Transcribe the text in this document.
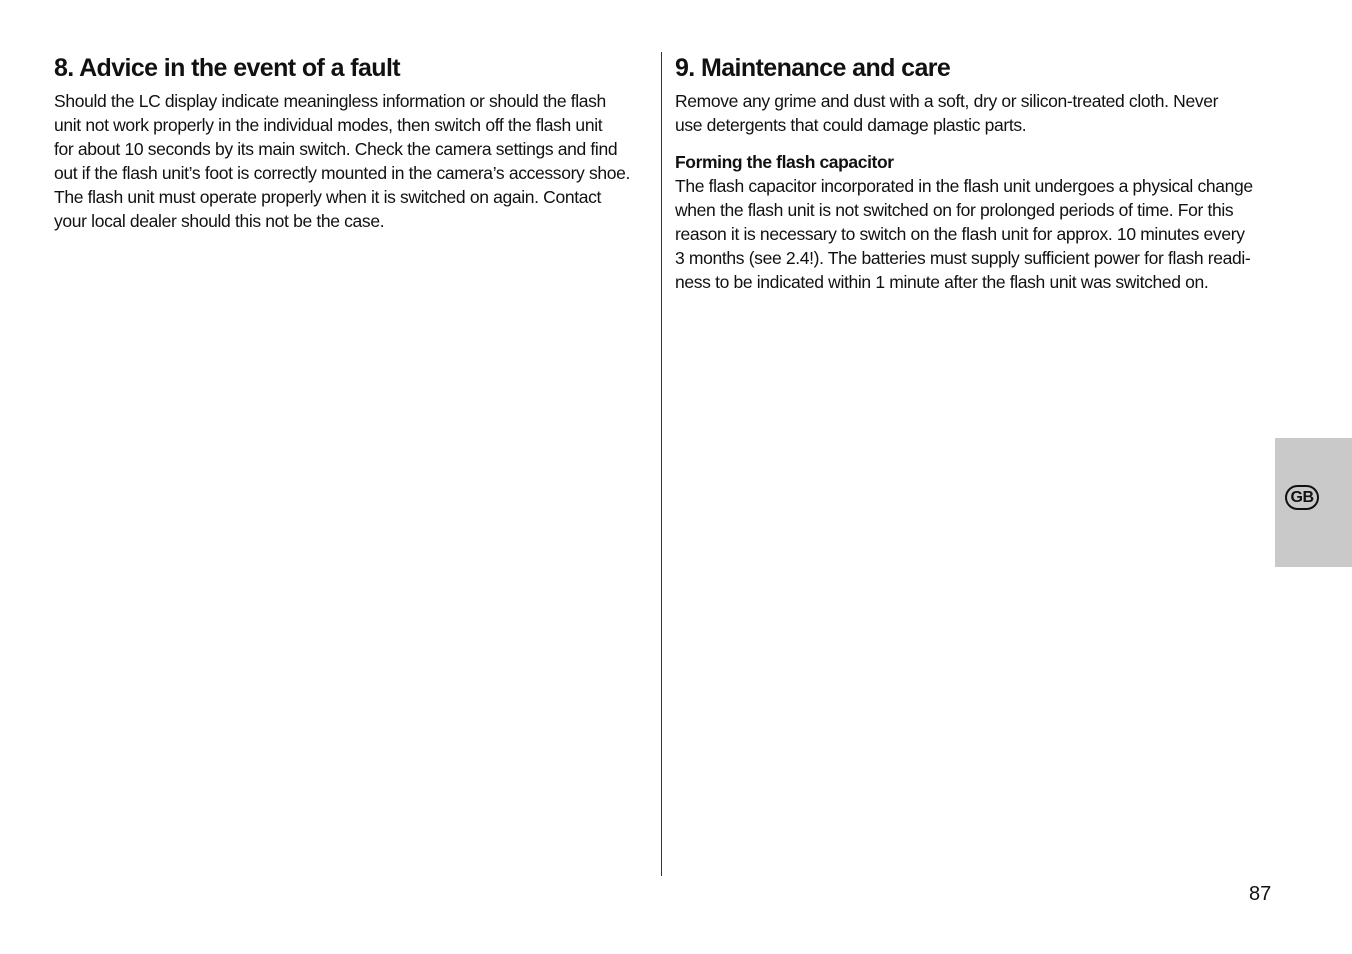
8. Advice in the event of a fault

Should the LC display indicate meaningless information or should the flash
unit not work properly in the individual modes, then switch off the flash unit
for about 10 seconds by its main switch. Check the camera settings and find
out if the flash unit’s foot is correctly mounted in the camera’s accessory shoe.
The flash unit must operate properly when it is switched on again. Contact
your local dealer should this not be the case.

9. Maintenance and care

Remove any grime and dust with a soft, dry or silicon-treated cloth. Never
use detergents that could damage plastic parts.

Forming the flash capacitor

The flash capacitor incorporated in the flash unit undergoes a physical change
when the flash unit is not switched on for prolonged periods of time. For this
reason it is necessary to switch on the flash unit for approx. 10 minutes every
3 months (see 2.4!). The batteries must supply sufficient power for flash readi-
ness to be indicated within 1 minute after the flash unit was switched on.

GB
87
